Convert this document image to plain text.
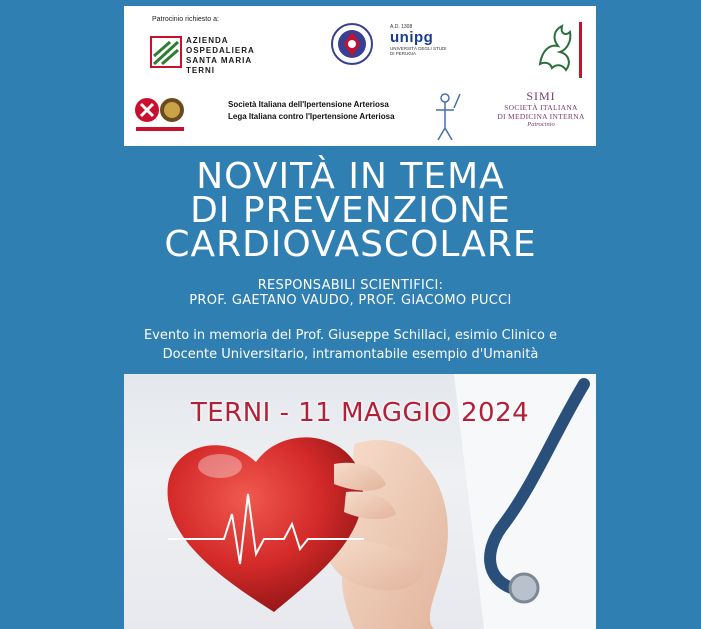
Patrocinio richiesto a:
AZIENDA
OSPEDALIERA
SANTA MARIA
TERNI
A.D. 1308
unipg
UNIVERSITÀ DEGLI STUDI
DI PERUGIA
Società Italiana dell'Ipertensione Arteriosa
Lega Italiana contro l'Ipertensione Arteriosa
SIMI
SOCIETÀ ITALIANA
DI MEDICINA INTERNA
Patrocinio
NOVITÀ IN TEMA
DI PREVENZIONE
CARDIOVASCOLARE
RESPONSABILI SCIENTIFICI:
PROF. GAETANO VAUDO, PROF. GIACOMO PUCCI
Evento in memoria del Prof. Giuseppe Schillaci, esimio Clinico e
Docente Universitario, intramontabile esempio d'Umanità
TERNI - 11 MAGGIO 2024
